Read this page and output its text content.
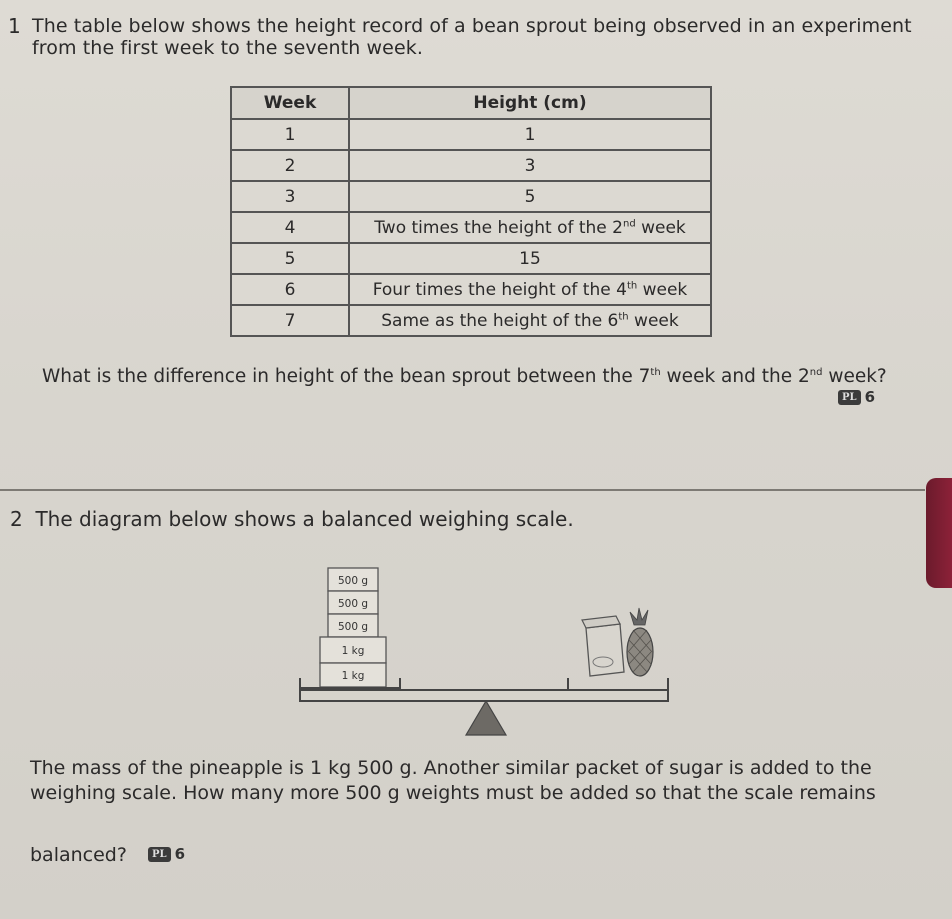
1 The table below shows the height record of a bean sprout being observed in an experiment
from the first week to the seventh week.
Week	Height (cm)
1	1
2	3
3	5
4	Two times the height of the 2nd week
5	15
6	Four times the height of the 4th week
7	Same as the height of the 6th week
What is the difference in height of the bean sprout between the 7th week and the 2nd week?
PL 6
2 The diagram below shows a balanced weighing scale.
500 g
500 g
500 g
1 kg
1 kg
The mass of the pineapple is 1 kg 500 g. Another similar packet of sugar is added to the
weighing scale. How many more 500 g weights must be added so that the scale remains
balanced?	PL 6
